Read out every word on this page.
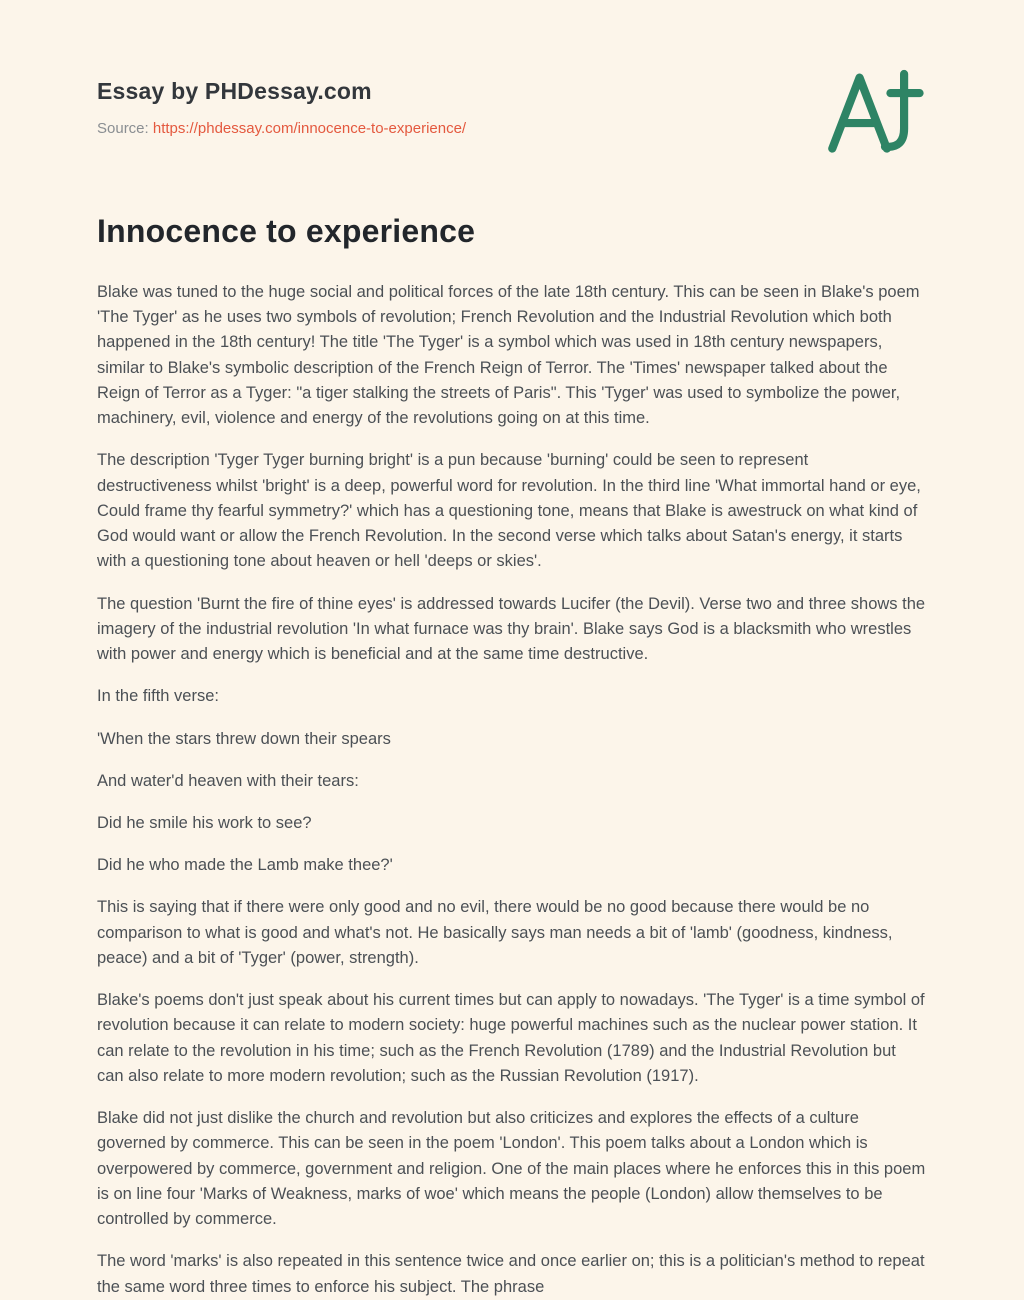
Essay by PHDessay.com
Source: https://phdessay.com/innocence-to-experience/
Innocence to experience

Blake was tuned to the huge social and political forces of the late 18th century. This can be seen in Blake's poem 'The Tyger' as he uses two symbols of revolution; French Revolution and the Industrial Revolution which both happened in the 18th century! The title 'The Tyger' is a symbol which was used in 18th century newspapers, similar to Blake's symbolic description of the French Reign of Terror. The 'Times' newspaper talked about the Reign of Terror as a Tyger: "a tiger stalking the streets of Paris". This 'Tyger' was used to symbolize the power, machinery, evil, violence and energy of the revolutions going on at this time.

The description 'Tyger Tyger burning bright' is a pun because 'burning' could be seen to represent destructiveness whilst 'bright' is a deep, powerful word for revolution. In the third line 'What immortal hand or eye, Could frame thy fearful symmetry?' which has a questioning tone, means that Blake is awestruck on what kind of God would want or allow the French Revolution. In the second verse which talks about Satan's energy, it starts with a questioning tone about heaven or hell 'deeps or skies'.

The question 'Burnt the fire of thine eyes' is addressed towards Lucifer (the Devil). Verse two and three shows the imagery of the industrial revolution 'In what furnace was thy brain'. Blake says God is a blacksmith who wrestles with power and energy which is beneficial and at the same time destructive.

In the fifth verse:

'When the stars threw down their spears

And water'd heaven with their tears:

Did he smile his work to see?

Did he who made the Lamb make thee?'

This is saying that if there were only good and no evil, there would be no good because there would be no comparison to what is good and what's not. He basically says man needs a bit of 'lamb' (goodness, kindness, peace) and a bit of 'Tyger' (power, strength).

Blake's poems don't just speak about his current times but can apply to nowadays. 'The Tyger' is a time symbol of revolution because it can relate to modern society: huge powerful machines such as the nuclear power station. It can relate to the revolution in his time; such as the French Revolution (1789) and the Industrial Revolution but can also relate to more modern revolution; such as the Russian Revolution (1917).

Blake did not just dislike the church and revolution but also criticizes and explores the effects of a culture governed by commerce. This can be seen in the poem 'London'. This poem talks about a London which is overpowered by commerce, government and religion. One of the main places where he enforces this in this poem is on line four 'Marks of Weakness, marks of woe' which means the people (London) allow themselves to be controlled by commerce.

The word 'marks' is also repeated in this sentence twice and once earlier on; this is a politician's method to repeat the same word three times to enforce his subject. The phrase
